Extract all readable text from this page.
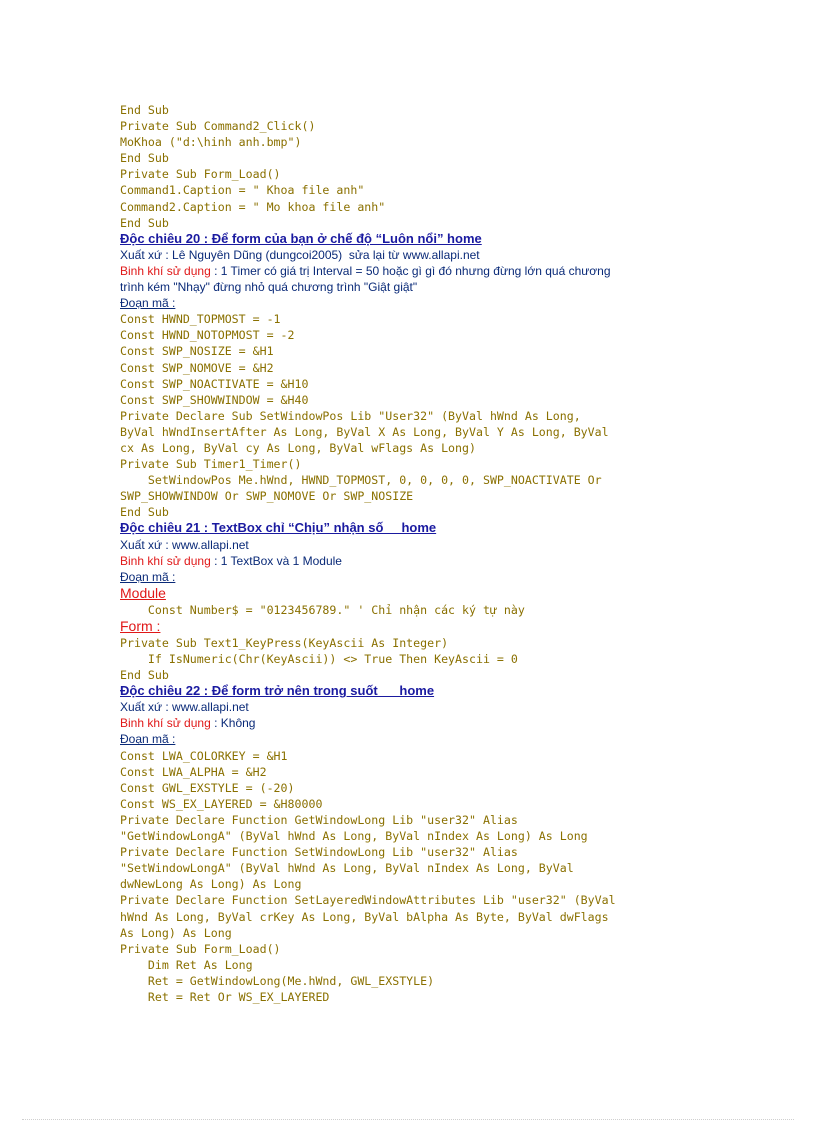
End Sub
Private Sub Command2_Click()
MoKhoa ("d:\hinh anh.bmp")
End Sub
Private Sub Form_Load()
Command1.Caption = " Khoa file anh"
Command2.Caption = " Mo khoa file anh"
End Sub
Độc chiêu 20 : Để form của bạn ở chế độ “Luôn nổi” home
Xuất xứ : Lê Nguyên Dũng (dungcoi2005)  sửa lại từ www.allapi.net
Binh khí sử dụng : 1 Timer có giá trị Interval = 50 hoặc gì gì đó nhưng đừng lớn quá chương
trình kém "Nhạy" đừng nhỏ quá chương trình "Giật giật"
Đoạn mã :
Const HWND_TOPMOST = -1
Const HWND_NOTOPMOST = -2
Const SWP_NOSIZE = &H1
Const SWP_NOMOVE = &H2
Const SWP_NOACTIVATE = &H10
Const SWP_SHOWWINDOW = &H40
Private Declare Sub SetWindowPos Lib "User32" (ByVal hWnd As Long,
ByVal hWndInsertAfter As Long, ByVal X As Long, ByVal Y As Long, ByVal
cx As Long, ByVal cy As Long, ByVal wFlags As Long)
Private Sub Timer1_Timer()
SetWindowPos Me.hWnd, HWND_TOPMOST, 0, 0, 0, 0, SWP_NOACTIVATE Or
SWP_SHOWWINDOW Or SWP_NOMOVE Or SWP_NOSIZE
End Sub
Độc chiêu 21 : TextBox chỉ “Chịu” nhận số     home
Xuất xứ : www.allapi.net
Binh khí sử dụng : 1 TextBox và 1 Module
Đoạn mã :
Module
Const Number$ = "0123456789." ' Chỉ nhận các ký tự này
Form :
Private Sub Text1_KeyPress(KeyAscii As Integer)
If IsNumeric(Chr(KeyAscii)) <> True Then KeyAscii = 0
End Sub
Độc chiêu 22 : Để form trở nên trong suốt      home
Xuất xứ : www.allapi.net
Binh khí sử dụng : Không
Đoạn mã :
Const LWA_COLORKEY = &H1
Const LWA_ALPHA = &H2
Const GWL_EXSTYLE = (-20)
Const WS_EX_LAYERED = &H80000
Private Declare Function GetWindowLong Lib "user32" Alias
"GetWindowLongA" (ByVal hWnd As Long, ByVal nIndex As Long) As Long
Private Declare Function SetWindowLong Lib "user32" Alias
"SetWindowLongA" (ByVal hWnd As Long, ByVal nIndex As Long, ByVal
dwNewLong As Long) As Long
Private Declare Function SetLayeredWindowAttributes Lib "user32" (ByVal
hWnd As Long, ByVal crKey As Long, ByVal bAlpha As Byte, ByVal dwFlags
As Long) As Long
Private Sub Form_Load()
Dim Ret As Long
Ret = GetWindowLong(Me.hWnd, GWL_EXSTYLE)
Ret = Ret Or WS_EX_LAYERED
